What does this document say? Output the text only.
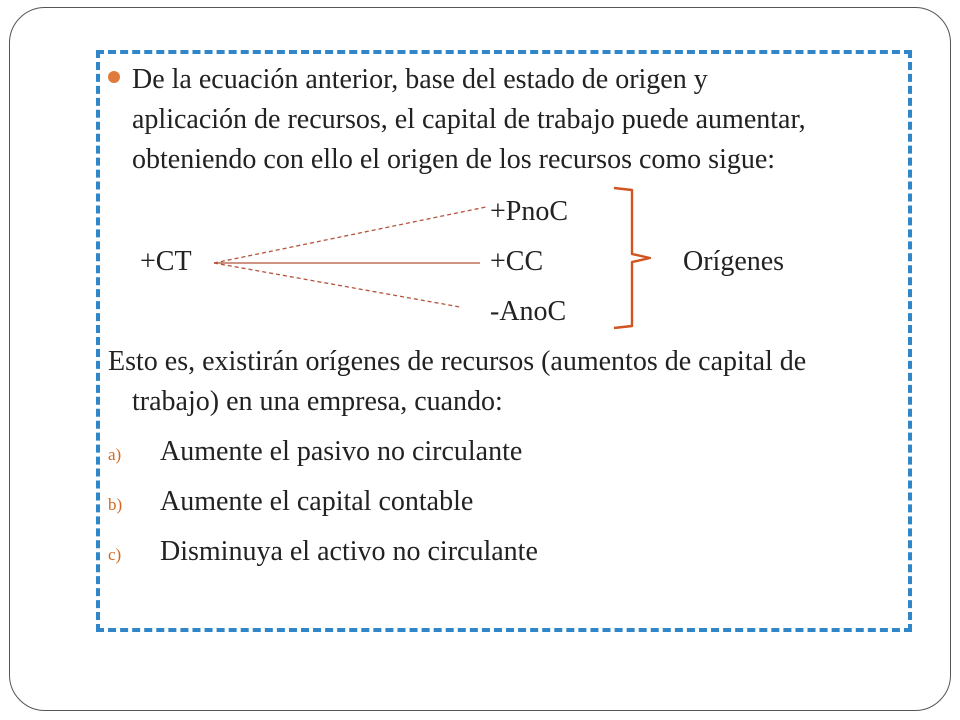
De la ecuación anterior, base del estado de origen y
aplicación de recursos, el capital de trabajo puede aumentar,
obteniendo con ello el origen de los recursos como sigue:
+CT
+PnoC
+CC
-AnoC
Orígenes
Esto es, existirán orígenes de recursos (aumentos de capital de
trabajo) en una empresa, cuando:
a) Aumente el pasivo no circulante
b) Aumente el capital contable
c) Disminuya el activo no circulante
